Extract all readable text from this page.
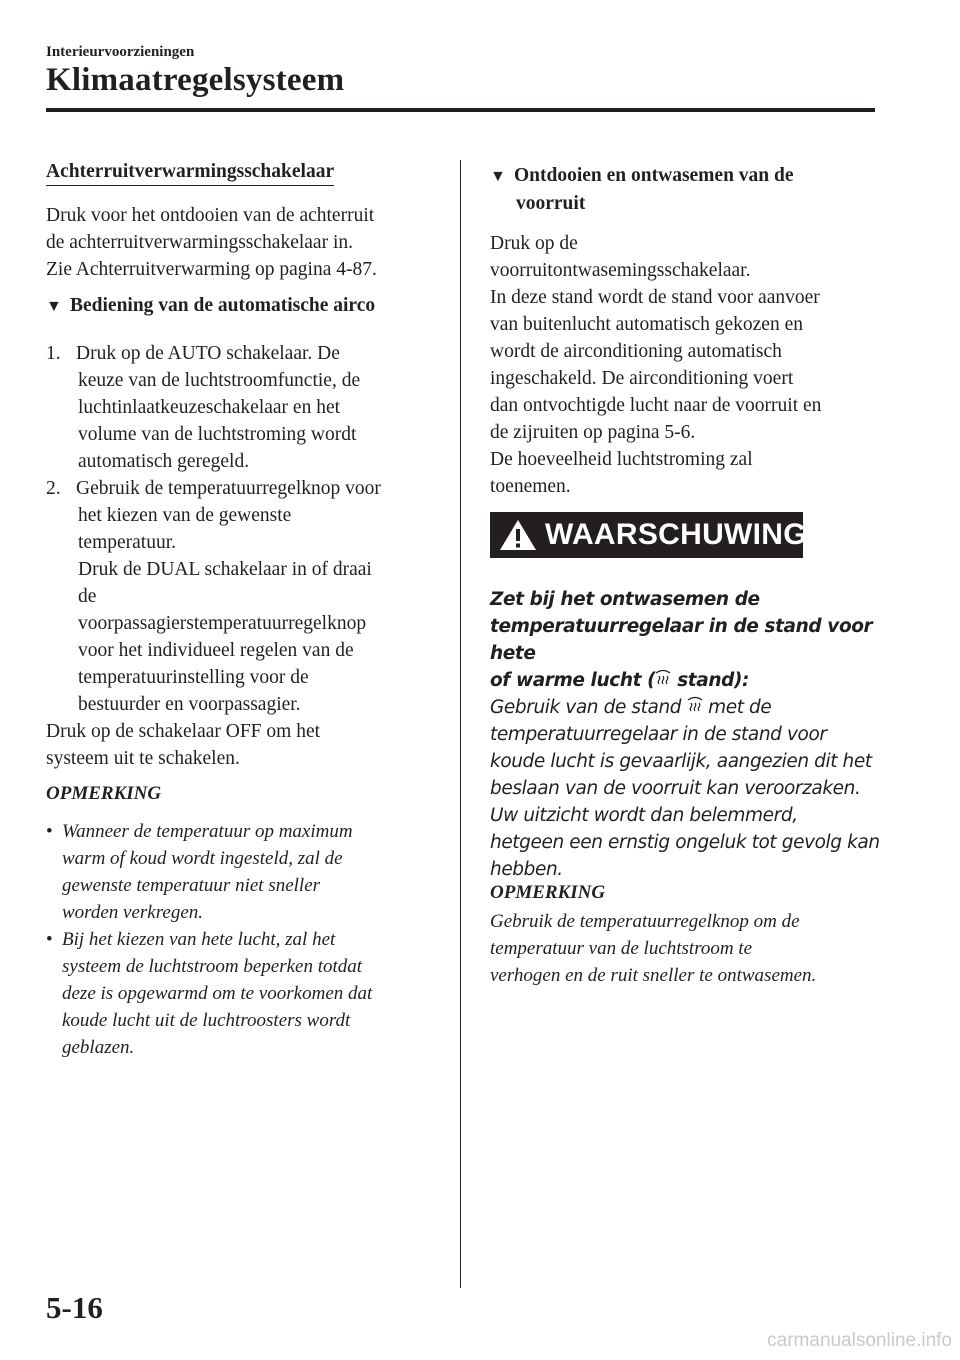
Interieurvoorzieningen
Klimaatregelsysteem
Achterruitverwarmingsschakelaar
Druk voor het ontdooien van de achterruit
de achterruitverwarmingsschakelaar in.
Zie Achterruitverwarming op pagina 4-87.
▼ Bediening van de automatische airco
1. Druk op de AUTO schakelaar. De
keuze van de luchtstroomfunctie, de
luchtinlaatkeuzeschakelaar en het
volume van de luchtstroming wordt
automatisch geregeld.
2. Gebruik de temperatuurregelknop voor
het kiezen van de gewenste
temperatuur.
Druk de DUAL schakelaar in of draai
de
voorpassagierstemperatuurregelknop
voor het individueel regelen van de
temperatuurinstelling voor de
bestuurder en voorpassagier.
Druk op de schakelaar OFF om het
systeem uit te schakelen.
OPMERKING
• Wanneer de temperatuur op maximum
warm of koud wordt ingesteld, zal de
gewenste temperatuur niet sneller
worden verkregen.
• Bij het kiezen van hete lucht, zal het
systeem de luchtstroom beperken totdat
deze is opgewarmd om te voorkomen dat
koude lucht uit de luchtroosters wordt
geblazen.
▼ Ontdooien en ontwasemen van de
voorruit
Druk op de
voorruitontwasemingsschakelaar.
In deze stand wordt de stand voor aanvoer
van buitenlucht automatisch gekozen en
wordt de airconditioning automatisch
ingeschakeld. De airconditioning voert
dan ontvochtigde lucht naar de voorruit en
de zijruiten op pagina 5-6.
De hoeveelheid luchtstroming zal
toenemen.
WAARSCHUWING
Zet bij het ontwasemen de
temperatuurregelaar in de stand voor hete
of warme lucht ( stand):
Gebruik van de stand  met de
temperatuurregelaar in de stand voor
koude lucht is gevaarlijk, aangezien dit het
beslaan van de voorruit kan veroorzaken.
Uw uitzicht wordt dan belemmerd,
hetgeen een ernstig ongeluk tot gevolg kan
hebben.
OPMERKING
Gebruik de temperatuurregelknop om de
temperatuur van de luchtstroom te
verhogen en de ruit sneller te ontwasemen.
5-16
carmanualsonline.info
